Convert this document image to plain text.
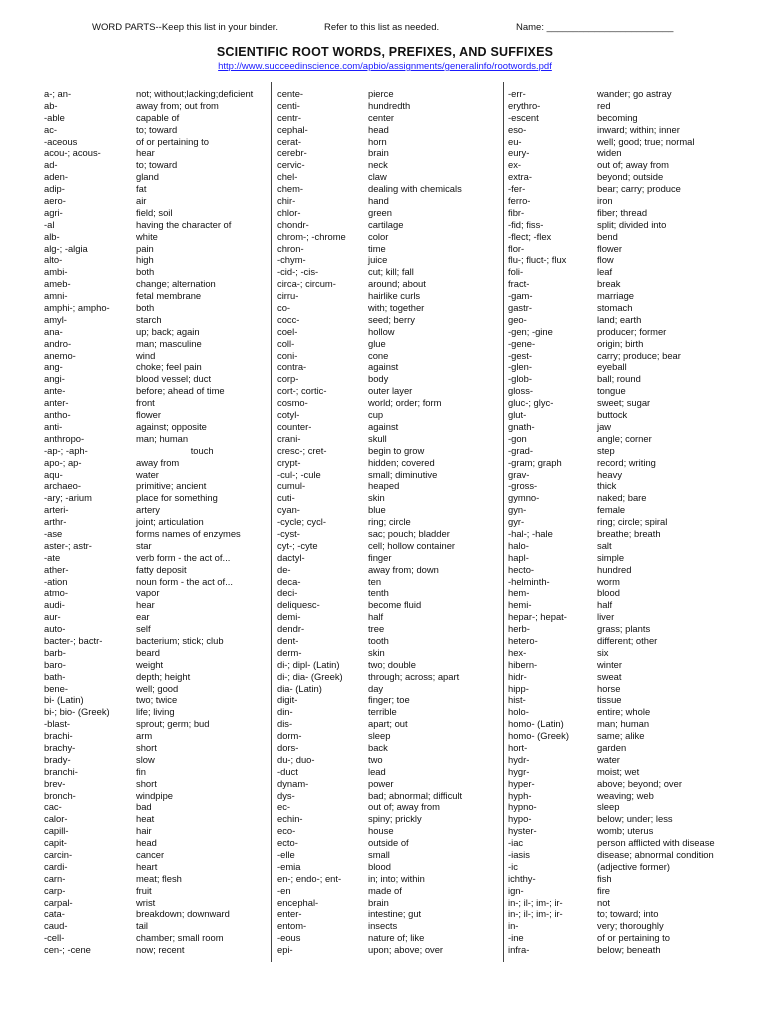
WORD PARTS--Keep this list in your binder.	Refer to this list as needed.	Name: ________________________
SCIENTIFIC ROOT WORDS, PREFIXES, AND SUFFIXES
http://www.succeedinscience.com/apbio/assignments/generalinfo/rootwords.pdf
a-; an-	not; without;lacking;deficient
ab-	away from; out from
-able	capable of
ac-	to; toward
-aceous	of or pertaining to
acou-; acous-	hear
ad-	to; toward
aden-	gland
adip-	fat
aero-	air
agri-	field; soil
-al	having the character of
alb-	white
alg-; -algia	pain
alto-	high
ambi-	both
ameb-	change; alternation
amni-	fetal membrane
amphi-; ampho-	both
amyl-	starch
ana-	up; back; again
andro-	man; masculine
anemo-	wind
ang-	choke; feel pain
angi-	blood vessel; duct
ante-	before; ahead of time
anter-	front
antho-	flower
anti-	against; opposite
anthropo-	man; human
-ap-; -aph-	touch
apo-; ap-	away from
aqu-	water
archaeo-	primitive; ancient
-ary; -arium	place for something
arteri-	artery
arthr-	joint; articulation
-ase	forms names of enzymes
aster-; astr-	star
-ate	verb form - the act of...
ather-	fatty deposit
-ation	noun form - the act of...
atmo-	vapor
audi-	hear
aur-	ear
auto-	self
bacter-; bactr-	bacterium; stick; club
barb-	beard
baro-	weight
bath-	depth; height
bene-	well; good
bi- (Latin)	two; twice
bi-; bio- (Greek)	life; living
-blast-	sprout; germ; bud
brachi-	arm
brachy-	short
brady-	slow
branchi-	fin
brev-	short
bronch-	windpipe
cac-	bad
calor-	heat
capill-	hair
capit-	head
carcin-	cancer
cardi-	heart
carn-	meat; flesh
carp-	fruit
carpal-	wrist
cata-	breakdown; downward
caud-	tail
-cell-	chamber; small room
cen-; -cene	now; recent
cente-	pierce
centi-	hundredth
centr-	center
cephal-	head
cerat-	horn
cerebr-	brain
cervic-	neck
chel-	claw
chem-	dealing with chemicals
chir-	hand
chlor-	green
chondr-	cartilage
chrom-; -chrome color
chron-	time
-chym-	juice
-cid-; -cis-	cut; kill; fall
circa-; circum-	around; about
cirru-	hairlike curls
co-	with; together
cocc-	seed; berry
coel-	hollow
coll-	glue
coni-	cone
contra-	against
corp-	body
cort-; cortic-	outer layer
cosmo-	world; order; form
cotyl-	cup
counter-	against
crani-	skull
cresc-; cret-	begin to grow
crypt-	hidden; covered
-cul-; -cule	small; diminutive
cumul-	heaped
cuti-	skin
cyan-	blue
-cycle; cycl-	ring; circle
-cyst-	sac; pouch; bladder
cyt-; -cyte	cell; hollow container
dactyl-	finger
de-	away from; down
deca-	ten
deci-	tenth
deliquesc-	become fluid
demi-	half
dendr-	tree
dent-	tooth
derm-	skin
di-; dipl- (Latin)	two; double
di-; dia- (Greek)	through; across; apart
dia- (Latin)	day
digit-	finger; toe
din-	terrible
dis-	apart; out
dorm-	sleep
dors-	back
du-; duo-	two
-duct	lead
dynam-	power
dys-	bad; abnormal; difficult
ec-	out of; away from
echin-	spiny; prickly
eco-	house
ecto-	outside of
-elle	small
-emia	blood
en-; endo-; ent-	in; into; within
-en	made of
encephal-	brain
enter-	intestine; gut
entom-	insects
-eous	nature of; like
epi-	upon; above; over
-err-	wander; go astray
erythro-	red
-escent	becoming
eso-	inward; within; inner
eu-	well; good; true; normal
eury-	widen
ex-	out of; away from
extra-	beyond; outside
-fer-	bear; carry; produce
ferro-	iron
fibr-	fiber; thread
-fid; fiss-	split; divided into
-flect; -flex	bend
flor-	flower
flu-; fluct-; flux	flow
foli-	leaf
fract-	break
-gam-	marriage
gastr-	stomach
geo-	land; earth
-gen; -gine	producer; former
-gene-	origin; birth
-gest-	carry; produce; bear
-glen-	eyeball
-glob-	ball; round
gloss-	tongue
gluc-; glyc-	sweet; sugar
glut-	buttock
gnath-	jaw
-gon	angle; corner
-grad-	step
-gram; graph	record; writing
grav-	heavy
-gross-	thick
gymno-	naked; bare
gyn-	female
gyr-	ring; circle; spiral
-hal-; -hale	breathe; breath
halo-	salt
hapl-	simple
hecto-	hundred
-helminth-	worm
hem-	blood
hemi-	half
hepar-; hepat-	liver
herb-	grass; plants
hetero-	different; other
hex-	six
hibern-	winter
hidr-	sweat
hipp-	horse
hist-	tissue
holo-	entire; whole
homo- (Latin)	man; human
homo- (Greek)	same; alike
hort-	garden
hydr-	water
hygr-	moist; wet
hyper-	above; beyond; over
hyph-	weaving; web
hypno-	sleep
hypo-	below; under; less
hyster-	womb; uterus
-iac	person afflicted with disease
-iasis	disease; abnormal condition
-ic	(adjective former)
ichthy-	fish
ign-	fire
in-; il-; im-; ir-	not
in-; il-; im-; ir-	to; toward; into
in-	very; thoroughly
-ine	of or pertaining to
infra-	below; beneath
